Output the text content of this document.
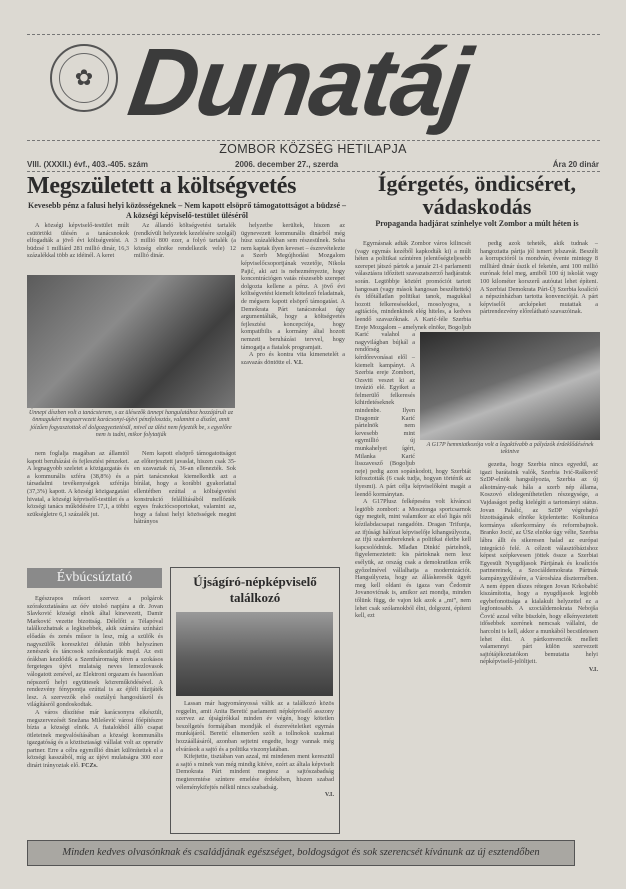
✿ Dunatáj
ZOMBOR KÖZSÉG HETILAPJA
VIII. (XXXII.) évf., 403.-405. szám	2006. december 27., szerda	Ára 20 dinár
Megszületett a költségvetés
Kevesebb pénz a falusi helyi közösségeknek – Nem kapott elsöprő támogatottságot a büdzsé – A községi képviselő-testület üléséről

A községi képviselő-testület múlt csütörtöki ülésén a tanácsnokok elfogadták a jövő évi költségvetést. A büdzsé 1 milliárd 281 millió dinár, 16,3 százalékkal több az idéinél. A keret

Az állandó költségvetési tartalék (rendkívüli helyzetek kezelésére szolgál) 3 millió 800 ezer, a folyó tartalék (a község elnöke rendelkezik vele) 12 millió dinár.

helyzetbe kerültek, hiszen az ügynevezett kommunális dinárból még húsz százalékban sem részesülnek. Soha nem kaptak ilyen keveset – észrevételezte a Szerb Megújhodási Mozgalom képviselőcsoportjának vezetője, Nikola Pajić, aki azt is nehezményezte, hogy koncentrációgen vatás részesebb szerepet dolgozta kellene a pénz. A jövő évi költségvetést kiemelt kötelező feladatnak, de mégsem kapott elsöprő támogatást. A Demokrata Párt tanácsnokai úgy argumentálták, hogy a költségvetés fejlesztési koncepciója, hogy kompatibilis a kormány által hozott nemzeti beruházási tervvel, hogy támogatja a fiatalok programjait.

A pro és kontra vita kimenetelét a szavazás döntötte el. V.I.

Ünnepi díszben volt a tanácsterem, s az ülésezők ünnepi hangulatához hozzájárult az önmagukért megszervezett karácsonyi-újévi pénzfelosztás, valamint a díszlet, amit jóízűen fogyasztottak el dolgozgyeztetésül, mivel az ülést nem fejezték be, s egyelőre nem is tudni, mikor folytatják

nem foglalja magában az államtól kapott beruházási és fejlesztési pénzeket. A legnagyobb szeletet a közigazgatás és a kommunális szféra (38,8%) és a társadalmi tevékenységek szférája (37,3%) kapott. A községi közigazgatási hivatal, a községi képviselő-testület és a községi tanács működésére 17,1, a többi szükségletre 6,1 százalék jut.

Nem kapott elsöprő támogatottságot az előterjesztett javaslat, hiszen csak 35-en szavaztak rá, 36-an ellenezték. Sok párt tanácsnokai kiemelkedik azt a bírálat, hogy a korábbi gyakorlattal ellentétben ezúttal a költségvetési konstrukció felállításából mellőzték egyes frakciócsoportokat, valamint az, hogy a falusi helyi közösségek megint hátrányos

Ígérgetés, öndicséret,
vádaskodás
Propaganda hadjárat színhelye volt Zombor a múlt héten is

Egymásnak adták Zombor város kilincsét (vagy egymás kezéből kapkodták ki) a múlt héten a politikai színtéren jelentőségteljesebb szerepet játszó pártok a január 21-i parlamenti választásra időzített szavazatszerző hadjáratuk során. Legtöbbje köztéri promóciót tartott hangosan (vagy mások hangosan beszéltettek) és időtállatlan politikai tanok, magukkal hozott felkeresésekkel, mosolyogva, s agitációs, mindenkinek elég hiteles, a kedves leendő szavazóknak. A Karić-féle Szerbia Ereje Mozgalom – amelynek elnöke, Bogoljub Karić valahol a nagyvilágban bújkál a rendőrség kérdőrevonásai elől – kiemelt kampányt. A Szerbia ereje Zombort, Ozsviti veszet ki az invázió elé. Egyiket a felmerülő felkeresés kihirdetéseknek mindenbe. Ilyen Dragomir Karić pártelnök nem kevesebb mint egymillió új munkahelyet ígért, Milanka Karić lisszavesző (Bogoljub neje) pedig azon sopánkodott, hogy Szerbiát kifosztották (6 csak tudja, hogyan történik az ilyesmi). A párt célja képviselőként magát a leendő kormánytan.

A G17Plusz felképeséra volt kíváncsi legtöbb zombori: a Mosztonga sportcsarnok úgy megtelt, mint valamikor az első ligás női kézilabdacsapat rangadóin. Dragan Trifunja, az ifjúsági hálózat képviselője kihangsúlyozta, az ifjú szakembereknek a politikai életbe kell kapcsolódniuk. Mlađan Dinkić pártelnök, figyelemeztetett: kis pártoknak nem lesz esélyük, az ország csak a demokratikus erők győzelmével vállalhatja a modernizációt. Hangsúlyozta, hogy az álláskeresők ügyét meg kell oldani és igaza van Čedomir Jovanovićnak is, amikor azt mondja, minden tőlünk függ, de vajon kik azok a „mi”, nem lehet csak szólamokból élni, dolgozni, építeni kell, ezt

pedig azok teheték, akik tudnak – hangoztatta pártja jól ismert jelszavát. Beszélt a korrupcióról is mondván, évente mintegy 8 milliárd dinár úszik el feketén, ami 100 millió eurónak felel meg, amiből 100 új iskolát vagy 100 kilométer korszerű autóutat lehet építeni. A Szerbiai Demokrata Párt-Új Szerbia koalíció a népszínházban tartotta konvencióját. A párt képviselői arcképeket mutattak a pártrendezvény előrelátható szavazóinak.

A G17P hemmiatkozója volt a legaktívabb a pályázók érdeklődésének tekintve

gezetta, hogy Szerbia nincs egyedül, az igazi barátaink valók, Szerbia Ivić-Raškovič SzDP-elnök hangsúlyozta, Szerbia az új alkotmány-nak hála a szerb nép állama, Koszovó elidegeníthetetlen részegysége, a Vajdaságot pedig kielégíti a tartományi státus. Jovan Palalić, az SzDP végrehajtó bizottságának elnöke kijelentette: Koštunica kormánya sikerkormány és reformbajnok. Branko Jocić, az ÚSz elnöke úgy vélte, Szerbia lábra állt és sikeresen halad az európai integráció felé. A célzott választóbázishoz képest szépkevesen jöttek össze a Szerbiai Egyesült Nyugdíjasok Pártjának és koalíciós partnereinek, a Szociáldemokrata Pártnak kampánygyűlésére, a Városháza dísztermében. A nem éppen díszes rétegen Jovan Krkobabić kiszámította, hogy a nyugdíjasok legjobb egybefonottsága a kialakult helyzettel ez a legfontosabb. A szociáldemokrata Nebojša Čović azzal vélte büszkén, hogy elkényeztetett idősebbek szerének nemcsak vállalni, de harcolni is kell, akkor a munkából becsületesen lehet élni. A pártkonvenciók mellett valamennyi párt külön szervezett sajtótájékoztatókon bemutatta helyi népképviselő-jelöltjeit.

V.I.
Évbúcsúztató

Egészrapos műsort szervez a polgárok szórakoztatására az óév utolsó napjára a dr. Jovan Slavković községi elnök által kinevezett, Damir Marković vezette bizottság. Délelőtt a Télapóval találkozhatnak a legkisebbek, akik számára színházi előadás és zenés műsor is lesz, míg a szülők és nagyszülők koreszközi délután több helyszínen zenészek és táncosok szórakoztatják majd. Az esti órákban kezdődik a Szentháromság téren a szokásos fergeteges újévi mulatság neves lemezlovasok válogatott zenével, az Elektroni orgazam és hasonlóan népszerű helyi együttesek közreműködésével. A rendezvény fénypontja ezúttal is az éjféli tűzijáték lesz. A szervezők első osztályú hangosításról és világításról gondoskodtak.

A város díszítése már karácsonyra elkészült, megszervezését Snežana Milešević városi főépítészre bízta a községi elnök. A fiatalokból álló csapat ötleteinek megvalósításában a községi kommunális igazgatóság és a köztisztasági vállalat volt az operatív partner. Erre a célra egymillió dinárt különítettek el a községi kasszából, míg az újévi mulatságra 300 ezer dinárt irányoztak elő. FCZs.

Újságíró-népképviselő
találkozó

Lassan már hagyományossá válik az a találkozó közös reggelin, amit Anita Beretić parlamenti népképviselő asszony szervez az újságírókkal minden év végén, hogy kötetlen beszélgetés formájában mondják el észrevételeiket egymás munkájáról. Beretić elismerően szólt a tollnokok szakmai hozzáállásáról, azonban sejtetni engedte, hogy vannak még elvárások a sajtó és a politika viszonylatában.

Kifejtette, tisztában van azzal, mi mindenen ment keresztül a sajtó s minek van még mindig kitéve, ezért az általa képviselt Demokrata Párt mindent megtesz a sajtószabadság megteremtése színtere emelése érdekében, hiszen szabad véleménykifejtés nélkül nincs szabadság.

V.I.
Minden kedves olvasónknak és családjának egészséget, boldogságot és sok szerencsét kívánunk az új esztendőben
